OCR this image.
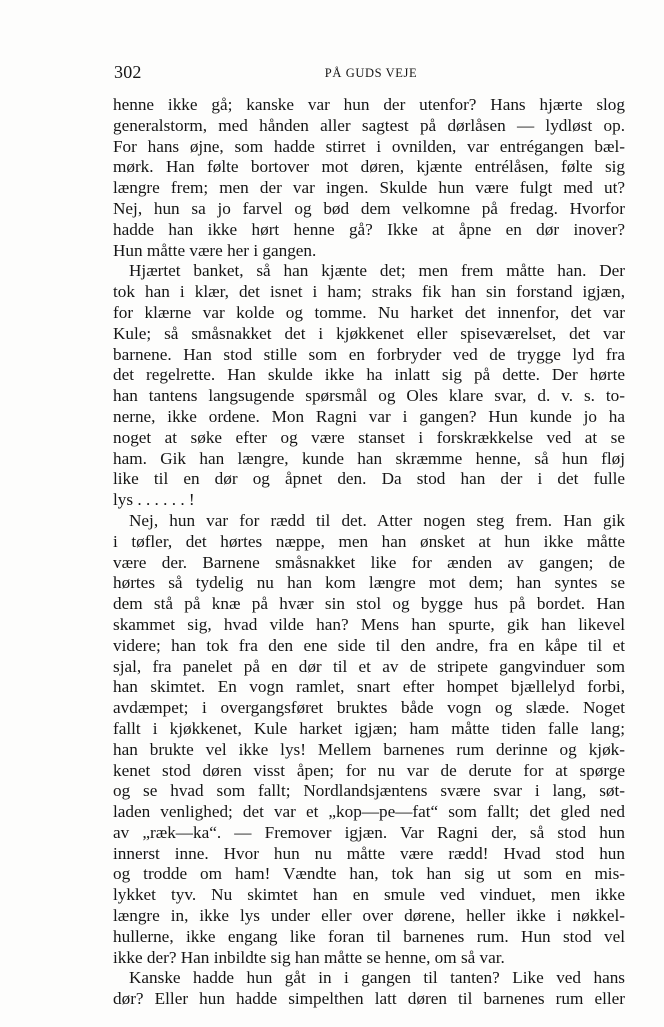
302	PÅ GUDS VEJE
henne ikke gå; kanske var hun der utenfor? Hans hjærte slog
generalstorm, med hånden aller sagtest på dørlåsen — lydløst op.
For hans øjne, som hadde stirret i ovnilden, var entrégangen bæl-
mørk. Han følte bortover mot døren, kjænte entrélåsen, følte sig
længre frem; men der var ingen. Skulde hun være fulgt med ut?
Nej, hun sa jo farvel og bød dem velkomne på fredag. Hvorfor
hadde han ikke hørt henne gå? Ikke at åpne en dør inover?
Hun måtte være her i gangen.
Hjærtet banket, så han kjænte det; men frem måtte han. Der
tok han i klær, det isnet i ham; straks fik han sin forstand igjæn,
for klærne var kolde og tomme. Nu harket det innenfor, det var
Kule; så småsnakket det i kjøkkenet eller spiseværelset, det var
barnene. Han stod stille som en forbryder ved de trygge lyd fra
det regelrette. Han skulde ikke ha inlatt sig på dette. Der hørte
han tantens langsugende spørsmål og Oles klare svar, d. v. s. to-
nerne, ikke ordene. Mon Ragni var i gangen? Hun kunde jo ha
noget at søke efter og være stanset i forskrækkelse ved at se
ham. Gik han længre, kunde han skræmme henne, så hun fløj
like til en dør og åpnet den. Da stod han der i det fulle
lys . . . . . . !
Nej, hun var for rædd til det. Atter nogen steg frem. Han gik
i tøfler, det hørtes næppe, men han ønsket at hun ikke måtte
være der. Barnene småsnakket like for ænden av gangen; de
hørtes så tydelig nu han kom længre mot dem; han syntes se
dem stå på knæ på hvær sin stol og bygge hus på bordet. Han
skammet sig, hvad vilde han? Mens han spurte, gik han likevel
videre; han tok fra den ene side til den andre, fra en kåpe til et
sjal, fra panelet på en dør til et av de stripete gangvinduer som
han skimtet. En vogn ramlet, snart efter hompet bjællelyd forbi,
avdæmpet; i overgangsføret bruktes både vogn og slæde. Noget
fallt i kjøkkenet, Kule harket igjæn; ham måtte tiden falle lang;
han brukte vel ikke lys! Mellem barnenes rum derinne og kjøk-
kenet stod døren visst åpen; for nu var de derute for at spørge
og se hvad som fallt; Nordlandsjæntens svære svar i lang, søt-
laden venlighed; det var et „kop—pe—fat“ som fallt; det gled ned
av „ræk—ka“. — Fremover igjæn. Var Ragni der, så stod hun
innerst inne. Hvor hun nu måtte være rædd! Hvad stod hun
og trodde om ham! Vændte han, tok han sig ut som en mis-
lykket tyv. Nu skimtet han en smule ved vinduet, men ikke
længre in, ikke lys under eller over dørene, heller ikke i nøkkel-
hullerne, ikke engang like foran til barnenes rum. Hun stod vel
ikke der? Han inbildte sig han måtte se henne, om så var.
Kanske hadde hun gåt in i gangen til tanten? Like ved hans
dør? Eller hun hadde simpelthen latt døren til barnenes rum eller
